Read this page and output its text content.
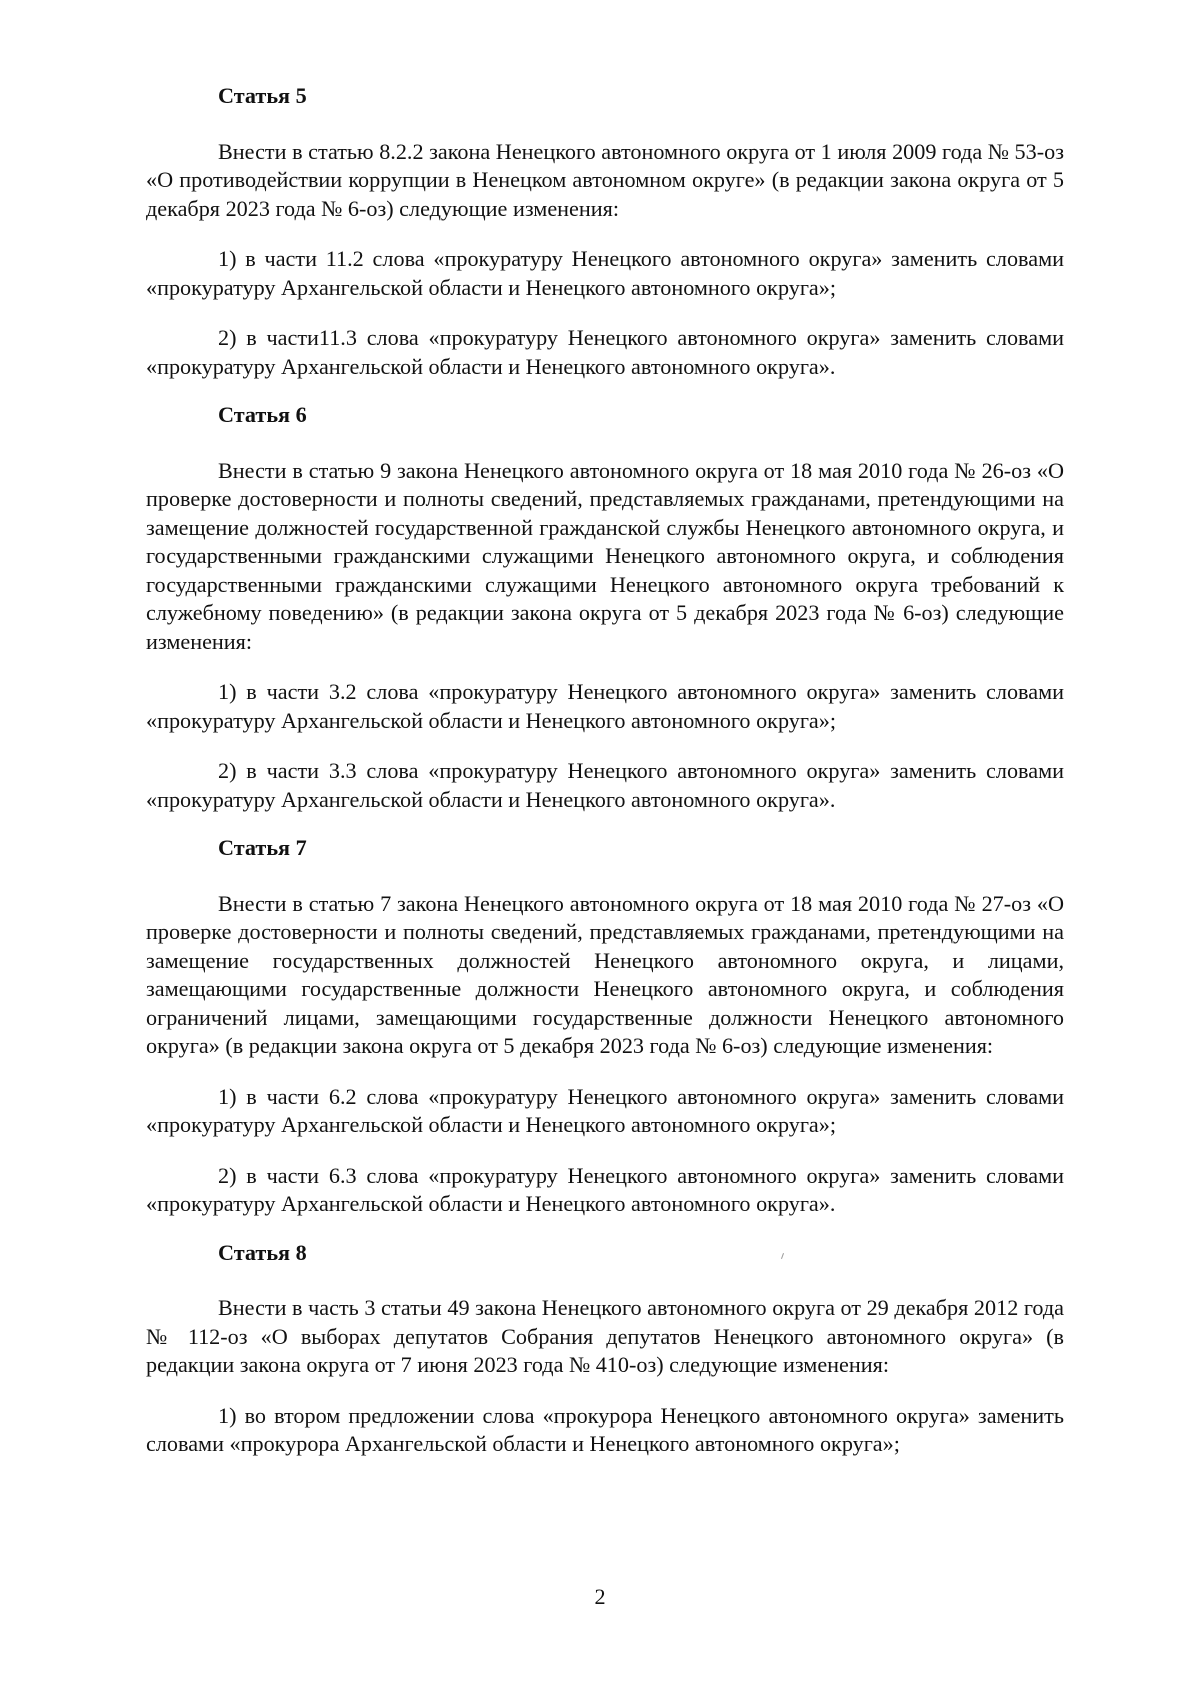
Статья 5

Внести в статью 8.2.2 закона Ненецкого автономного округа от 1 июля 2009 года № 53-оз «О противодействии коррупции в Ненецком автономном округе» (в редакции закона округа от 5 декабря 2023 года № 6-оз) следующие изменения:

1) в части 11.2 слова «прокуратуру Ненецкого автономного округа» заменить словами «прокуратуру Архангельской области и Ненецкого автономного округа»;

2) в части11.3 слова «прокуратуру Ненецкого автономного округа» заменить словами «прокуратуру Архангельской области и Ненецкого автономного округа».

Статья 6

Внести в статью 9 закона Ненецкого автономного округа от 18 мая 2010 года № 26-оз «О проверке достоверности и полноты сведений, представляемых гражданами, претендующими на замещение должностей государственной гражданской службы Ненецкого автономного округа, и государственными гражданскими служащими Ненецкого автономного округа, и соблюдения государственными гражданскими служащими Ненецкого автономного округа требований к служебному поведению» (в редакции закона округа от 5 декабря 2023 года № 6-оз) следующие изменения:

1) в части 3.2 слова «прокуратуру Ненецкого автономного округа» заменить словами «прокуратуру Архангельской области и Ненецкого автономного округа»;

2) в части 3.3 слова «прокуратуру Ненецкого автономного округа» заменить словами «прокуратуру Архангельской области и Ненецкого автономного округа».

Статья 7

Внести в статью 7 закона Ненецкого автономного округа от 18 мая 2010 года № 27-оз «О проверке достоверности и полноты сведений, представляемых гражданами, претендующими на замещение государственных должностей Ненецкого автономного округа, и лицами, замещающими государственные должности Ненецкого автономного округа, и соблюдения ограничений лицами, замещающими государственные должности Ненецкого автономного округа» (в редакции закона округа от 5 декабря 2023 года № 6-оз) следующие изменения:

1) в части 6.2 слова «прокуратуру Ненецкого автономного округа» заменить словами «прокуратуру Архангельской области и Ненецкого автономного округа»;

2) в части 6.3 слова «прокуратуру Ненецкого автономного округа» заменить словами «прокуратуру Архангельской области и Ненецкого автономного округа».

Статья 8

Внести в часть 3 статьи 49 закона Ненецкого автономного округа от 29 декабря 2012 года № 112-оз «О выборах депутатов Собрания депутатов Ненецкого автономного округа» (в редакции закона округа от 7 июня 2023 года № 410-оз) следующие изменения:

1) во втором предложении слова «прокурора Ненецкого автономного округа» заменить словами «прокурора Архангельской области и Ненецкого автономного округа»;

2
